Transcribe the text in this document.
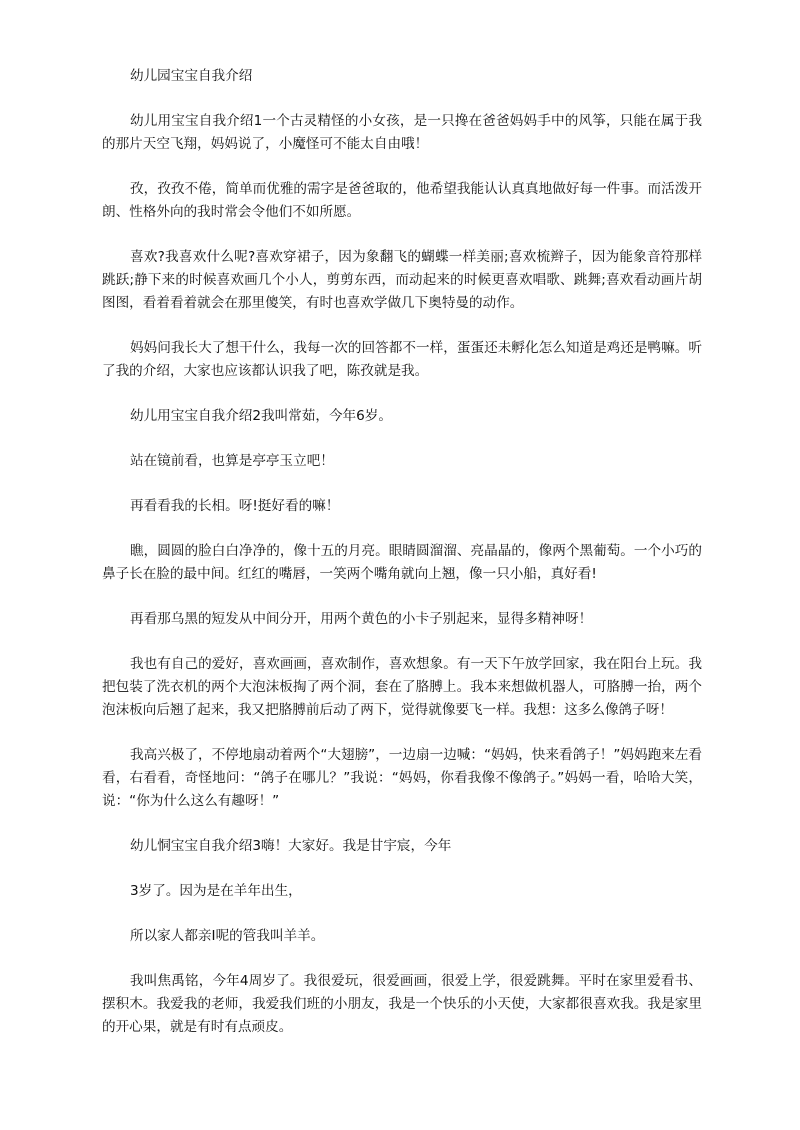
幼儿园宝宝自我介绍

幼儿用宝宝自我介绍1一个古灵精怪的小女孩，是一只搀在爸爸妈妈手中的风筝，只能在属于我的那片天空飞翔，妈妈说了，小魔怪可不能太自由哦！

孜，孜孜不倦，简单而优雅的需字是爸爸取的，他希望我能认认真真地做好每一件事。而活泼开朗、性格外向的我时常会令他们不如所愿。

喜欢?我喜欢什么呢?喜欢穿裙子，因为象翻飞的蝴蝶一样美丽;喜欢梳辫子，因为能象音符那样跳跃;静下来的时候喜欢画几个小人，剪剪东西，而动起来的时候更喜欢唱歌、跳舞;喜欢看动画片胡图图，看着看着就会在那里傻笑，有时也喜欢学做几下奥特曼的动作。

妈妈问我长大了想干什么，我每一次的回答都不一样，蛋蛋还未孵化怎么知道是鸡还是鸭嘛。听了我的介绍，大家也应该都认识我了吧，陈孜就是我。

幼儿用宝宝自我介绍2我叫常茹，今年6岁。

站在镜前看，也算是亭亭玉立吧！

再看看我的长相。呀!挺好看的嘛！

瞧，圆圆的脸白白净净的，像十五的月亮。眼睛圆溜溜、亮晶晶的，像两个黑葡萄。一个小巧的鼻子长在脸的最中间。红红的嘴唇，一笑两个嘴角就向上翘，像一只小船，真好看!

再看那乌黑的短发从中间分开，用两个黄色的小卡子别起来，显得多精神呀！

我也有自己的爱好，喜欢画画，喜欢制作，喜欢想象。有一天下午放学回家，我在阳台上玩。我把包装了洗衣机的两个大泡沫板掏了两个洞，套在了胳膊上。我本来想做机器人，可胳膊一抬，两个泡沫板向后翘了起来，我又把胳膊前后动了两下，觉得就像要飞一样。我想：这多么像鸽子呀！

我高兴极了，不停地扇动着两个“大翅膀”，一边扇一边喊：“妈妈，快来看鸽子！”妈妈跑来左看看，右看看，奇怪地问：“鸽子在哪儿？”我说：“妈妈，你看我像不像鸽子。”妈妈一看，哈哈大笑，说：“你为什么这么有趣呀！”

幼儿恫宝宝自我介绍3嗨！大家好。我是甘宇宸，今年

3岁了。因为是在羊年出生，

所以家人都亲I呢的管我叫羊羊。

我叫焦禹铭，今年4周岁了。我很爱玩，很爱画画，很爱上学，很爱跳舞。平时在家里爱看书、摆积木。我爱我的老师，我爱我们班的小朋友，我是一个快乐的小天使，大家都很喜欢我。我是家里的开心果，就是有时有点顽皮。
